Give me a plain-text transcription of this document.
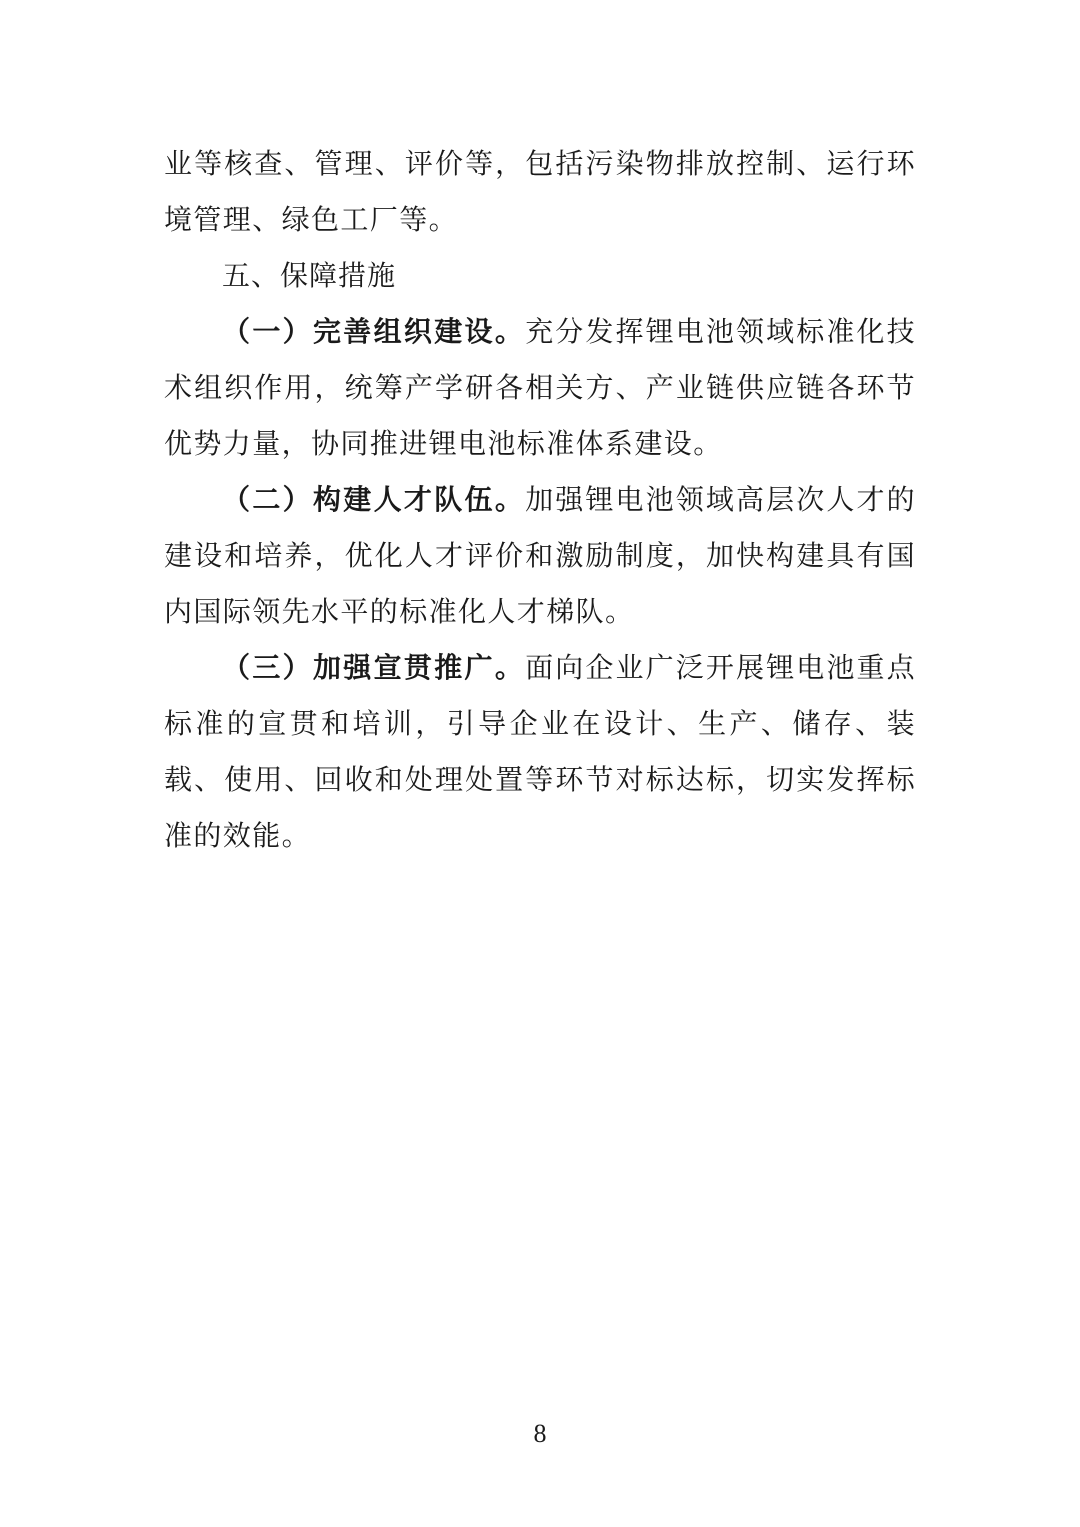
业等核查、管理、评价等，包括污染物排放控制、运行环境管理、绿色工厂等。

五、保障措施

（一）完善组织建设。充分发挥锂电池领域标准化技术组织作用，统筹产学研各相关方、产业链供应链各环节优势力量，协同推进锂电池标准体系建设。

（二）构建人才队伍。加强锂电池领域高层次人才的建设和培养，优化人才评价和激励制度，加快构建具有国内国际领先水平的标准化人才梯队。

（三）加强宣贯推广。面向企业广泛开展锂电池重点标准的宣贯和培训，引导企业在设计、生产、储存、装载、使用、回收和处理处置等环节对标达标，切实发挥标准的效能。

8
